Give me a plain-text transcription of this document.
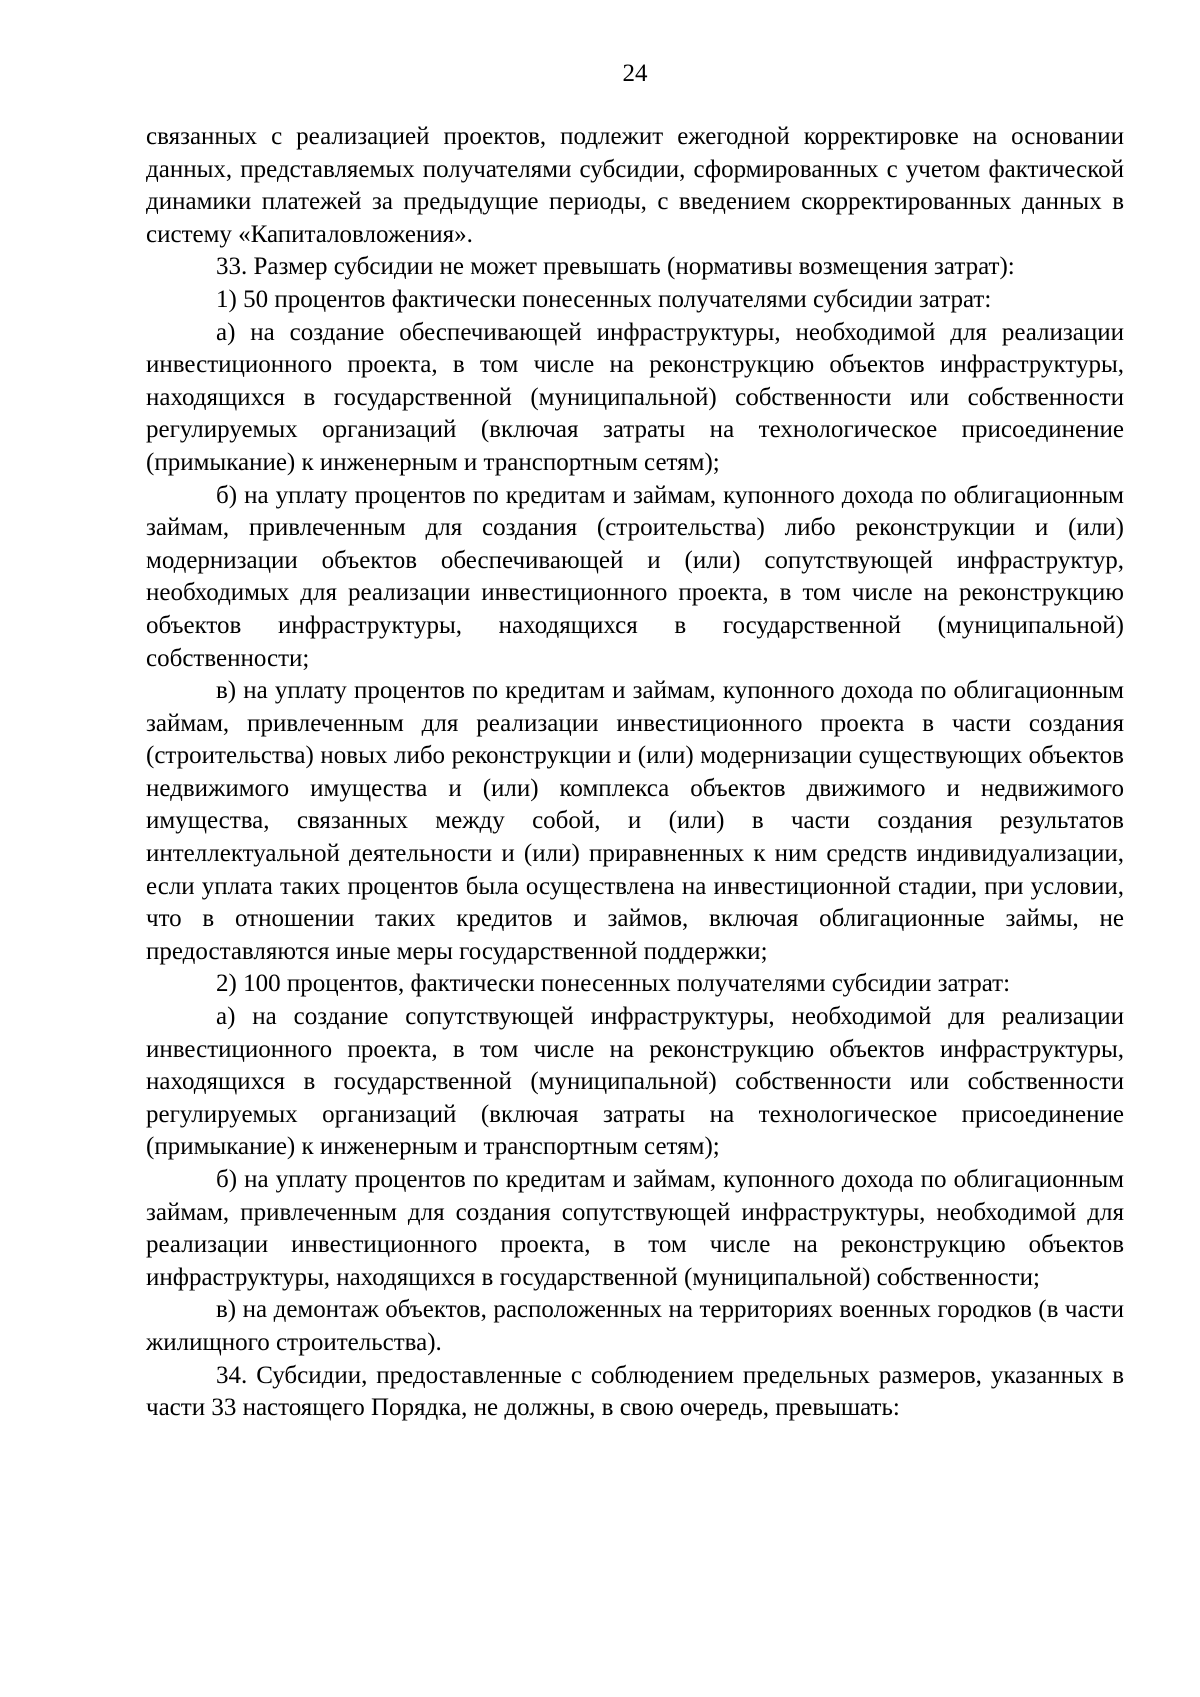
24

связанных с реализацией проектов, подлежит ежегодной корректировке на основании данных, представляемых получателями субсидии, сформированных с учетом фактической динамики платежей за предыдущие периоды, с введением скорректированных данных в систему «Капиталовложения».

33. Размер субсидии не может превышать (нормативы возмещения затрат):

1) 50 процентов фактически понесенных получателями субсидии затрат:

а) на создание обеспечивающей инфраструктуры, необходимой для реализации инвестиционного проекта, в том числе на реконструкцию объектов инфраструктуры, находящихся в государственной (муниципальной) собственности или собственности регулируемых организаций (включая затраты на технологическое присоединение (примыкание) к инженерным и транспортным сетям);

б) на уплату процентов по кредитам и займам, купонного дохода по облигационным займам, привлеченным для создания (строительства) либо реконструкции и (или) модернизации объектов обеспечивающей и (или) сопутствующей инфраструктур, необходимых для реализации инвестиционного проекта, в том числе на реконструкцию объектов инфраструктуры, находящихся в государственной (муниципальной) собственности;

в) на уплату процентов по кредитам и займам, купонного дохода по облигационным займам, привлеченным для реализации инвестиционного проекта в части создания (строительства) новых либо реконструкции и (или) модернизации существующих объектов недвижимого имущества и (или) комплекса объектов движимого и недвижимого имущества, связанных между собой, и (или) в части создания результатов интеллектуальной деятельности и (или) приравненных к ним средств индивидуализации, если уплата таких процентов была осуществлена на инвестиционной стадии, при условии, что в отношении таких кредитов и займов, включая облигационные займы, не предоставляются иные меры государственной поддержки;

2) 100 процентов, фактически понесенных получателями субсидии затрат:

а) на создание сопутствующей инфраструктуры, необходимой для реализации инвестиционного проекта, в том числе на реконструкцию объектов инфраструктуры, находящихся в государственной (муниципальной) собственности или собственности регулируемых организаций (включая затраты на технологическое присоединение (примыкание) к инженерным и транспортным сетям);

б) на уплату процентов по кредитам и займам, купонного дохода по облигационным займам, привлеченным для создания сопутствующей инфраструктуры, необходимой для реализации инвестиционного проекта, в том числе на реконструкцию объектов инфраструктуры, находящихся в государственной (муниципальной) собственности;

в) на демонтаж объектов, расположенных на территориях военных городков (в части жилищного строительства).

34. Субсидии, предоставленные с соблюдением предельных размеров, указанных в части 33 настоящего Порядка, не должны, в свою очередь, превышать:
